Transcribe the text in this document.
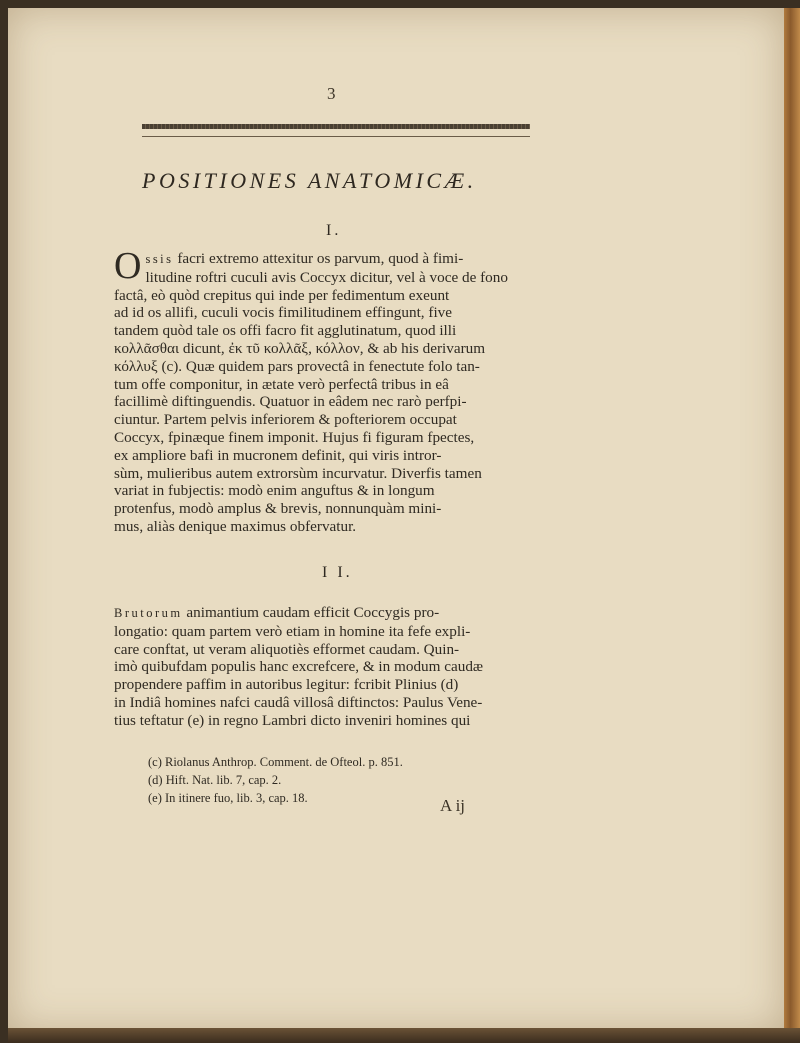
3
POSITIONES ANATOMICÆ.
I.
O ssis facri extremo attexitur os parvum, quod à fimi-
litudine roftri cuculi avis Coccyx dicitur, vel à voce de fono
factâ, eò quòd crepitus qui inde per fedimentum exeunt
ad id os allifi, cuculi vocis fimilitudinem effingunt, five
tandem quòd tale os offi facro fit agglutinatum, quod illi
κολλᾶσθαι dicunt, ἐκ τῦ κολλᾶξ, κόλλον, & ab his derivarum
κόλλυξ (c). Quæ quidem pars provectâ in fenectute folo tan-
tum offe componitur, in ætate verò perfectâ tribus in eâ
facillimè diftinguendis. Quatuor in eâdem nec rarò perfpi-
ciuntur. Partem pelvis inferiorem & pofteriorem occupat
Coccyx, fpinæque finem imponit. Hujus fi figuram fpectes,
ex ampliore bafi in mucronem definit, qui viris intror-
sùm, mulieribus autem extrorsùm incurvatur. Diverfis tamen
variat in fubjectis: modò enim anguftus & in longum
protenfus, modò amplus & brevis, nonnunquàm mini-
mus, aliàs denique maximus obfervatur.
I I.
Brutorum animantium caudam efficit Coccygis pro-
longatio: quam partem verò etiam in homine ita fefe expli-
care conftat, ut veram aliquotiès efformet caudam. Quin-
imò quibufdam populis hanc excrefcere, & in modum caudæ
propendere paffim in autoribus legitur: fcribit Plinius (d)
in Indiâ homines nafci caudâ villosâ diftinctos: Paulus Vene-
tius teftatur (e) in regno Lambri dicto inveniri homines qui
(c) Riolanus Anthrop. Comment. de Ofteol. p. 851.
(d) Hift. Nat. lib. 7, cap. 2.
(e) In itinere fuo, lib. 3, cap. 18.	A ij
